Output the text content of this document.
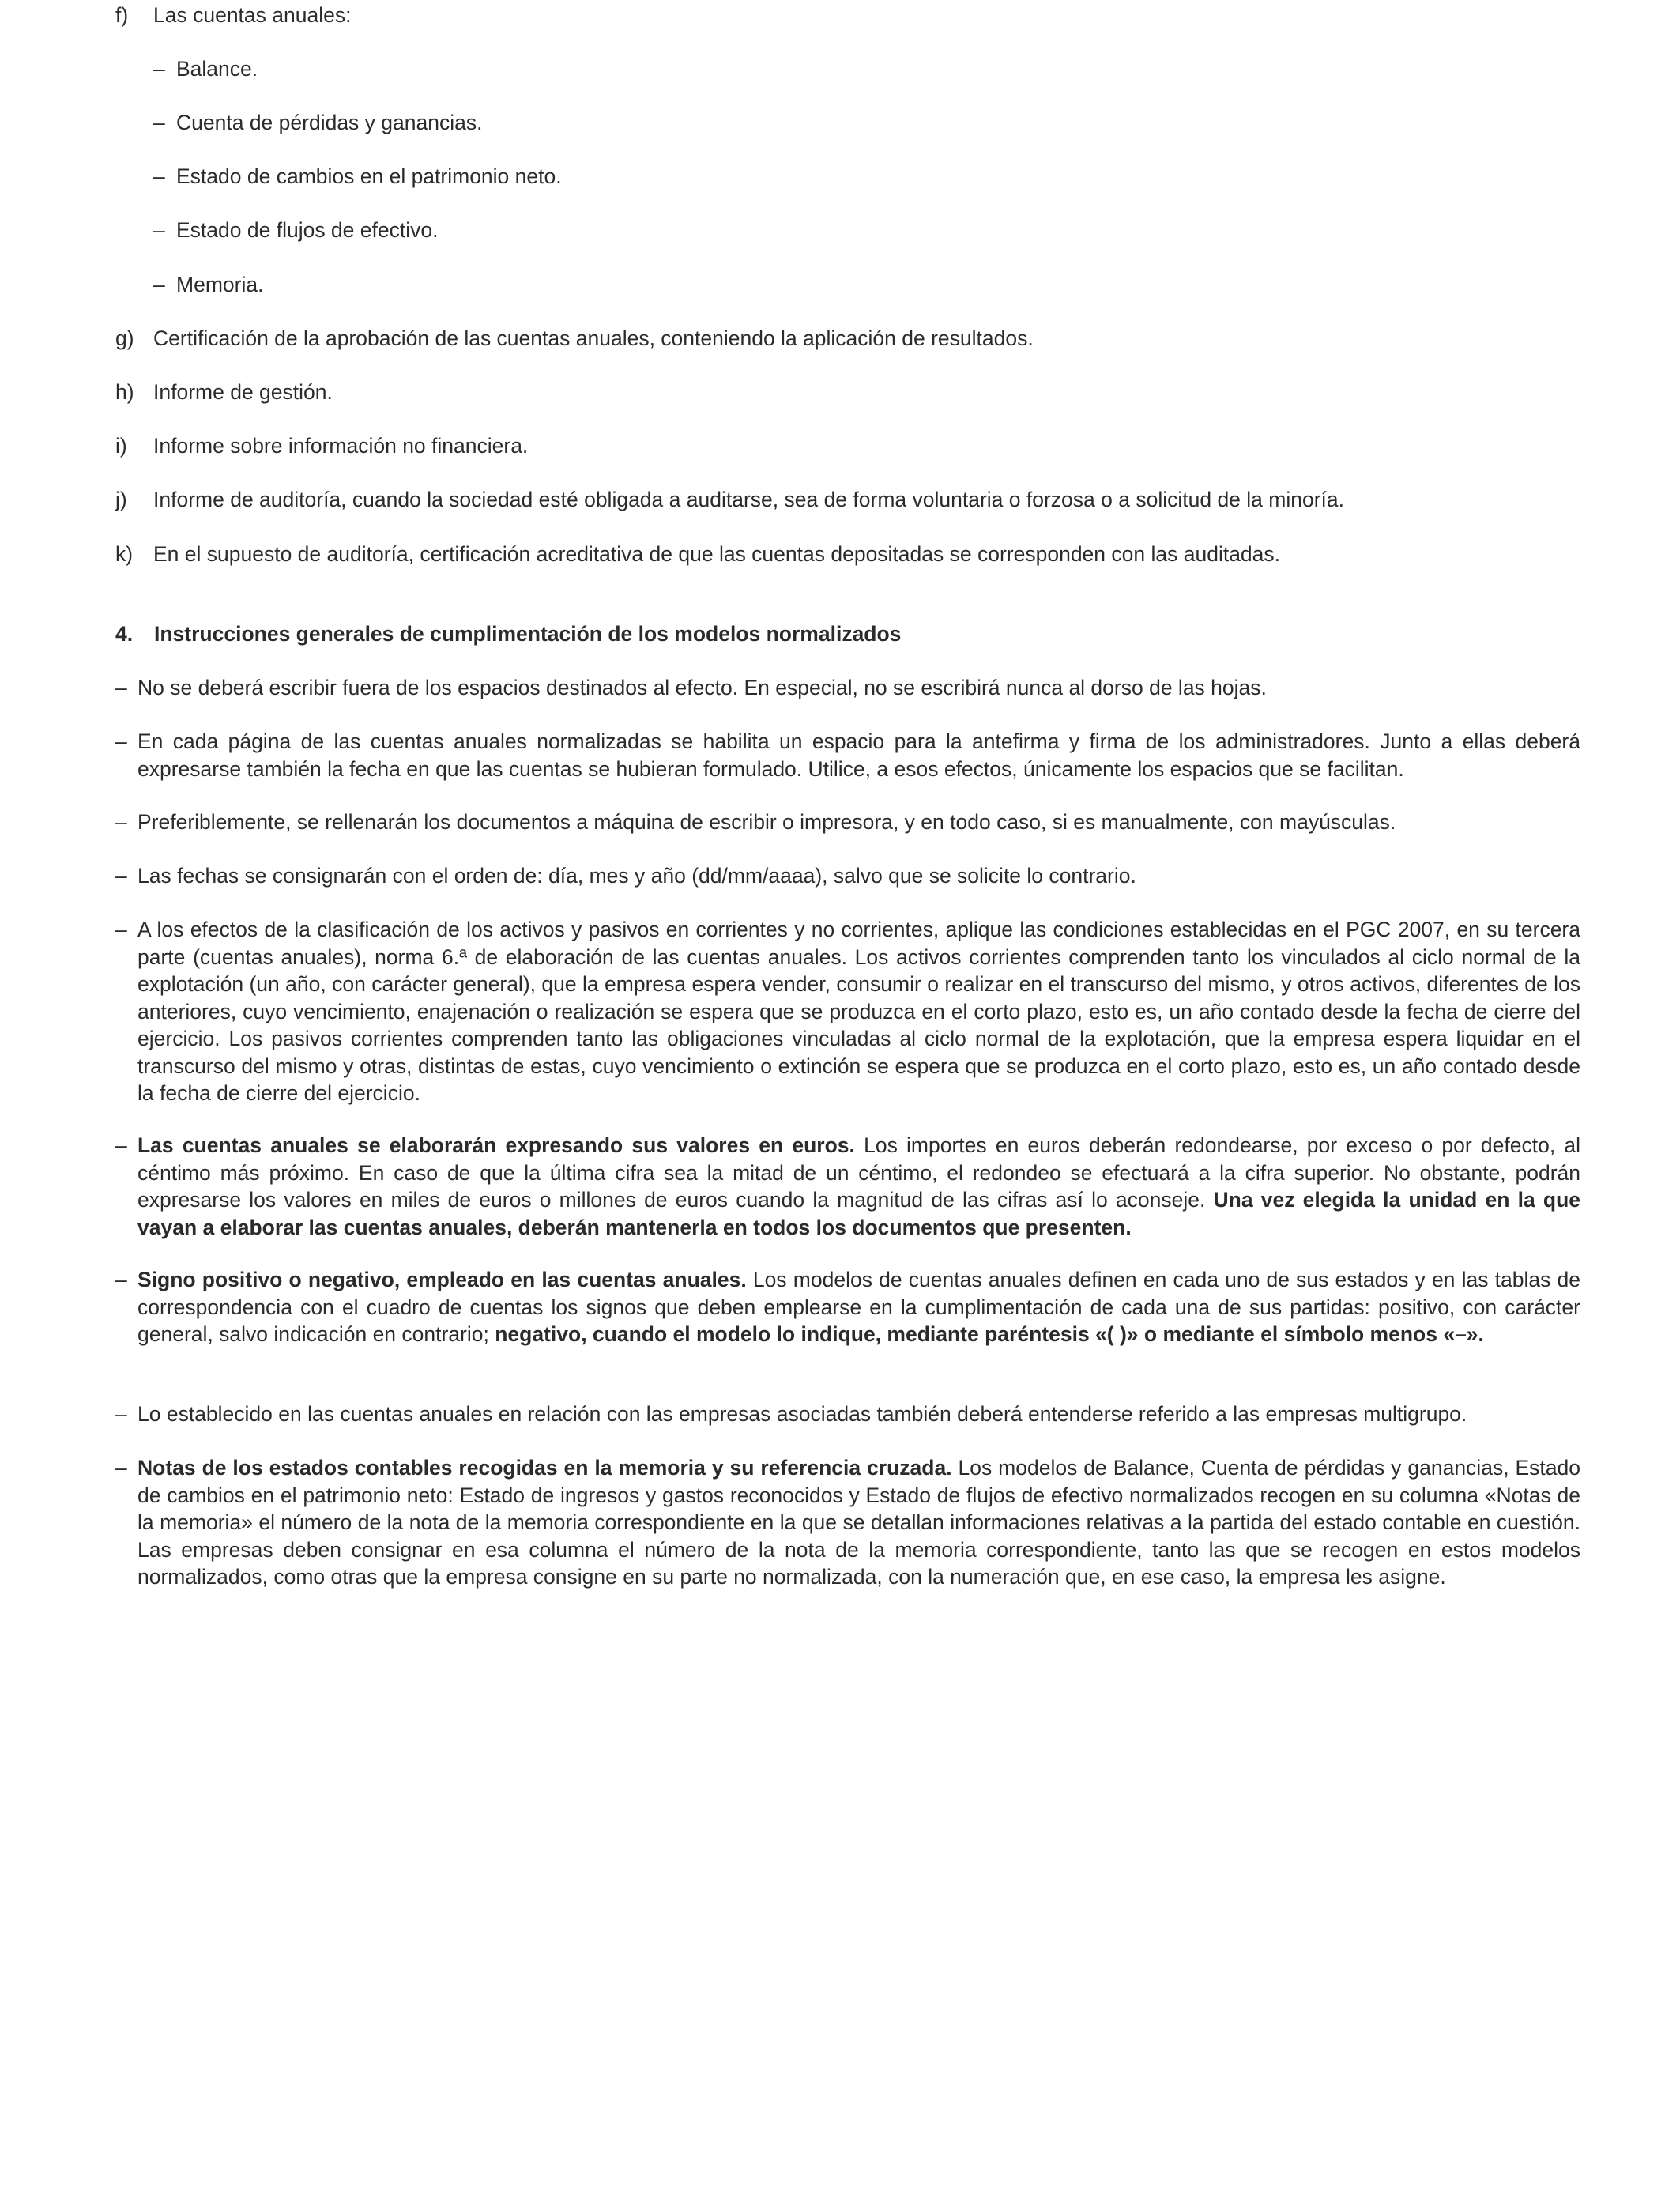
f) Las cuentas anuales:
– Balance.
– Cuenta de pérdidas y ganancias.
– Estado de cambios en el patrimonio neto.
– Estado de flujos de efectivo.
– Memoria.
g) Certificación de la aprobación de las cuentas anuales, conteniendo la aplicación de resultados.
h) Informe de gestión.
i) Informe sobre información no financiera.
j) Informe de auditoría, cuando la sociedad esté obligada a auditarse, sea de forma voluntaria o forzosa o a solicitud de la minoría.
k) En el supuesto de auditoría, certificación acreditativa de que las cuentas depositadas se corresponden con las auditadas.
4. Instrucciones generales de cumplimentación de los modelos normalizados
– No se deberá escribir fuera de los espacios destinados al efecto. En especial, no se escribirá nunca al dorso de las hojas.
– En cada página de las cuentas anuales normalizadas se habilita un espacio para la antefirma y firma de los administradores. Junto a ellas deberá expresarse también la fecha en que las cuentas se hubieran formulado. Utilice, a esos efectos, únicamente los espacios que se facilitan.
– Preferiblemente, se rellenarán los documentos a máquina de escribir o impresora, y en todo caso, si es manualmente, con mayúsculas.
– Las fechas se consignarán con el orden de: día, mes y año (dd/mm/aaaa), salvo que se solicite lo contrario.
– A los efectos de la clasificación de los activos y pasivos en corrientes y no corrientes, aplique las condiciones establecidas en el PGC 2007, en su tercera parte (cuentas anuales), norma 6.ª de elaboración de las cuentas anuales. Los activos corrientes comprenden tanto los vinculados al ciclo normal de la explotación (un año, con carácter general), que la empresa espera vender, consumir o realizar en el transcurso del mismo, y otros activos, diferentes de los anteriores, cuyo vencimiento, enajenación o realización se espera que se produzca en el corto plazo, esto es, un año contado desde la fecha de cierre del ejercicio. Los pasivos corrientes comprenden tanto las obligaciones vinculadas al ciclo normal de la explotación, que la empresa espera liquidar en el transcurso del mismo y otras, distintas de estas, cuyo vencimiento o extinción se espera que se produzca en el corto plazo, esto es, un año contado desde la fecha de cierre del ejercicio.
– Las cuentas anuales se elaborarán expresando sus valores en euros. Los importes en euros deberán redondearse, por exceso o por defecto, al céntimo más próximo. En caso de que la última cifra sea la mitad de un céntimo, el redondeo se efectuará a la cifra superior. No obstante, podrán expresarse los valores en miles de euros o millones de euros cuando la magnitud de las cifras así lo aconseje. Una vez elegida la unidad en la que vayan a elaborar las cuentas anuales, deberán mantenerla en todos los documentos que presenten.
– Signo positivo o negativo, empleado en las cuentas anuales. Los modelos de cuentas anuales definen en cada uno de sus estados y en las tablas de correspondencia con el cuadro de cuentas los signos que deben emplearse en la cumplimentación de cada una de sus partidas: positivo, con carácter general, salvo indicación en contrario; negativo, cuando el modelo lo indique, mediante paréntesis «( )» o mediante el símbolo menos «–».
– Lo establecido en las cuentas anuales en relación con las empresas asociadas también deberá entenderse referido a las empresas multigrupo.
– Notas de los estados contables recogidas en la memoria y su referencia cruzada. Los modelos de Balance, Cuenta de pérdidas y ganancias, Estado de cambios en el patrimonio neto: Estado de ingresos y gastos reconocidos y Estado de flujos de efectivo normalizados recogen en su columna «Notas de la memoria» el número de la nota de la memoria correspondiente en la que se detallan informaciones relativas a la partida del estado contable en cuestión. Las empresas deben consignar en esa columna el número de la nota de la memoria correspondiente, tanto las que se recogen en estos modelos normalizados, como otras que la empresa consigne en su parte no normalizada, con la numeración que, en ese caso, la empresa les asigne.
